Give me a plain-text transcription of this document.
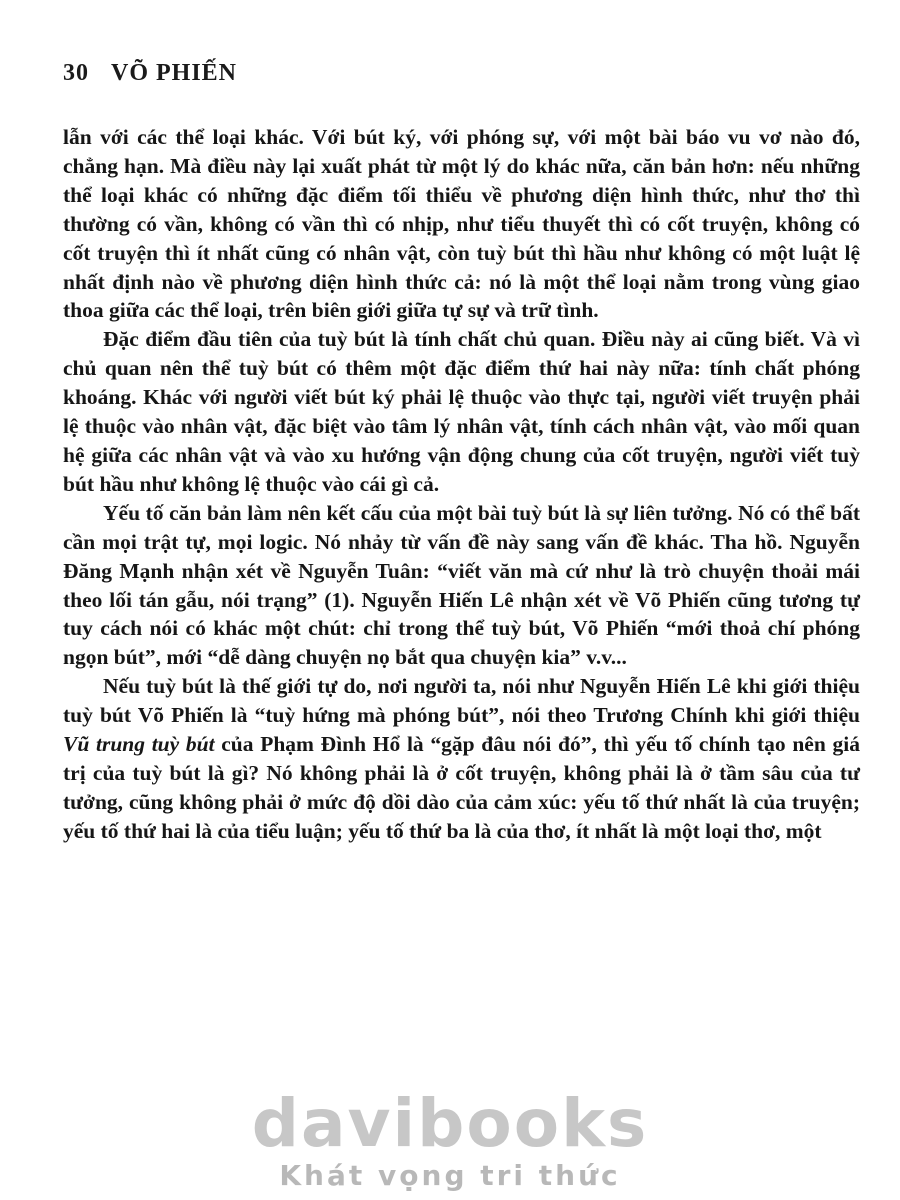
30 VÕ PHIẾN

lẫn với các thể loại khác. Với bút ký, với phóng sự, với một bài báo vu vơ nào đó, chẳng hạn. Mà điều này lại xuất phát từ một lý do khác nữa, căn bản hơn: nếu những thể loại khác có những đặc điểm tối thiểu về phương diện hình thức, như thơ thì thường có vần, không có vần thì có nhịp, như tiểu thuyết thì có cốt truyện, không có cốt truyện thì ít nhất cũng có nhân vật, còn tuỳ bút thì hầu như không có một luật lệ nhất định nào về phương diện hình thức cả: nó là một thể loại nằm trong vùng giao thoa giữa các thể loại, trên biên giới giữa tự sự và trữ tình.

Đặc điểm đầu tiên của tuỳ bút là tính chất chủ quan. Điều này ai cũng biết. Và vì chủ quan nên thể tuỳ bút có thêm một đặc điểm thứ hai này nữa: tính chất phóng khoáng. Khác với người viết bút ký phải lệ thuộc vào thực tại, người viết truyện phải lệ thuộc vào nhân vật, đặc biệt vào tâm lý nhân vật, tính cách nhân vật, vào mối quan hệ giữa các nhân vật và vào xu hướng vận động chung của cốt truyện, người viết tuỳ bút hầu như không lệ thuộc vào cái gì cả.

Yếu tố căn bản làm nên kết cấu của một bài tuỳ bút là sự liên tưởng. Nó có thể bất cần mọi trật tự, mọi logic. Nó nhảy từ vấn đề này sang vấn đề khác. Tha hồ. Nguyễn Đăng Mạnh nhận xét về Nguyễn Tuân: “viết văn mà cứ như là trò chuyện thoải mái theo lối tán gẫu, nói trạng” (1). Nguyễn Hiến Lê nhận xét về Võ Phiến cũng tương tự tuy cách nói có khác một chút: chỉ trong thể tuỳ bút, Võ Phiến “mới thoả chí phóng ngọn bút”, mới “dễ dàng chuyện nọ bắt qua chuyện kia” v.v...

Nếu tuỳ bút là thế giới tự do, nơi người ta, nói như Nguyễn Hiến Lê khi giới thiệu tuỳ bút Võ Phiến là “tuỳ hứng mà phóng bút”, nói theo Trương Chính khi giới thiệu Vũ trung tuỳ bút của Phạm Đình Hổ là “gặp đâu nói đó”, thì yếu tố chính tạo nên giá trị của tuỳ bút là gì? Nó không phải là ở cốt truyện, không phải là ở tầm sâu của tư tưởng, cũng không phải ở mức độ dồi dào của cảm xúc: yếu tố thứ nhất là của truyện; yếu tố thứ hai là của tiểu luận; yếu tố thứ ba là của thơ, ít nhất là một loại thơ, một

davibooks
Khát vọng tri thức
